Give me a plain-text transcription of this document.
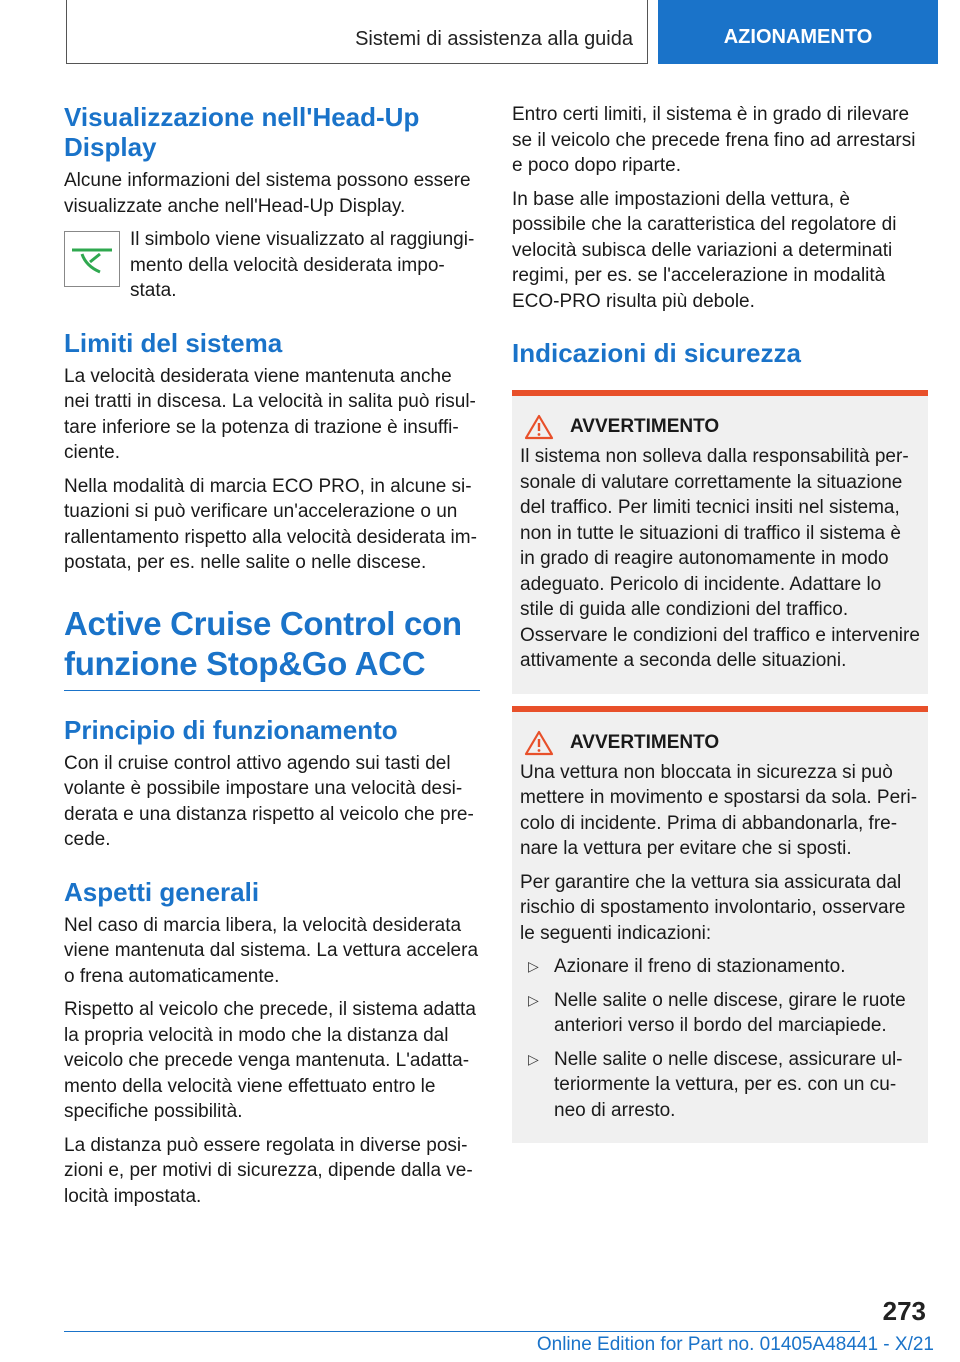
Sistemi di assistenza alla guida	AZIONAMENTO
Visualizzazione nell'Head-Up Display

Alcune informazioni del sistema possono essere visualizzate anche nell'Head-Up Display.

Il simbolo viene visualizzato al raggiungimento della velocità desiderata impostata.

Limiti del sistema

La velocità desiderata viene mantenuta anche nei tratti in discesa. La velocità in salita può risultare inferiore se la potenza di trazione è insufficiente.

Nella modalità di marcia ECO PRO, in alcune situazioni si può verificare un'accelerazione o un rallentamento rispetto alla velocità desiderata impostata, per es. nelle salite o nelle discese.

Active Cruise Control con funzione Stop&Go ACC
Principio di funzionamento

Con il cruise control attivo agendo sui tasti del volante è possibile impostare una velocità desiderata e una distanza rispetto al veicolo che precede.

Aspetti generali

Nel caso di marcia libera, la velocità desiderata viene mantenuta dal sistema. La vettura accelera o frena automaticamente.

Rispetto al veicolo che precede, il sistema adatta la propria velocità in modo che la distanza dal veicolo che precede venga mantenuta. L'adattamento della velocità viene effettuato entro le specifiche possibilità.

La distanza può essere regolata in diverse posizioni e, per motivi di sicurezza, dipende dalla velocità impostata.

Entro certi limiti, il sistema è in grado di rilevare se il veicolo che precede frena fino ad arrestarsi e poco dopo riparte.

In base alle impostazioni della vettura, è possibile che la caratteristica del regolatore di velocità subisca delle variazioni a determinati regimi, per es. se l'accelerazione in modalità ECO-PRO risulta più debole.

Indicazioni di sicurezza
AVVERTIMENTO

Il sistema non solleva dalla responsabilità personale di valutare correttamente la situazione del traffico. Per limiti tecnici insiti nel sistema, non in tutte le situazioni di traffico il sistema è in grado di reagire autonomamente in modo adeguato. Pericolo di incidente. Adattare lo stile di guida alle condizioni del traffico. Osservare le condizioni del traffico e intervenire attivamente a seconda delle situazioni.

AVVERTIMENTO

Una vettura non bloccata in sicurezza si può mettere in movimento e spostarsi da sola. Pericolo di incidente. Prima di abbandonarla, frenare la vettura per evitare che si sposti.

Per garantire che la vettura sia assicurata dal rischio di spostamento involontario, osservare le seguenti indicazioni:

▷ Azionare il freno di stazionamento.
▷ Nelle salite o nelle discese, girare le ruote anteriori verso il bordo del marciapiede.
▷ Nelle salite o nelle discese, assicurare ulteriormente la vettura, per es. con un cuneo di arresto.
273
Online Edition for Part no. 01405A48441 - X/21
